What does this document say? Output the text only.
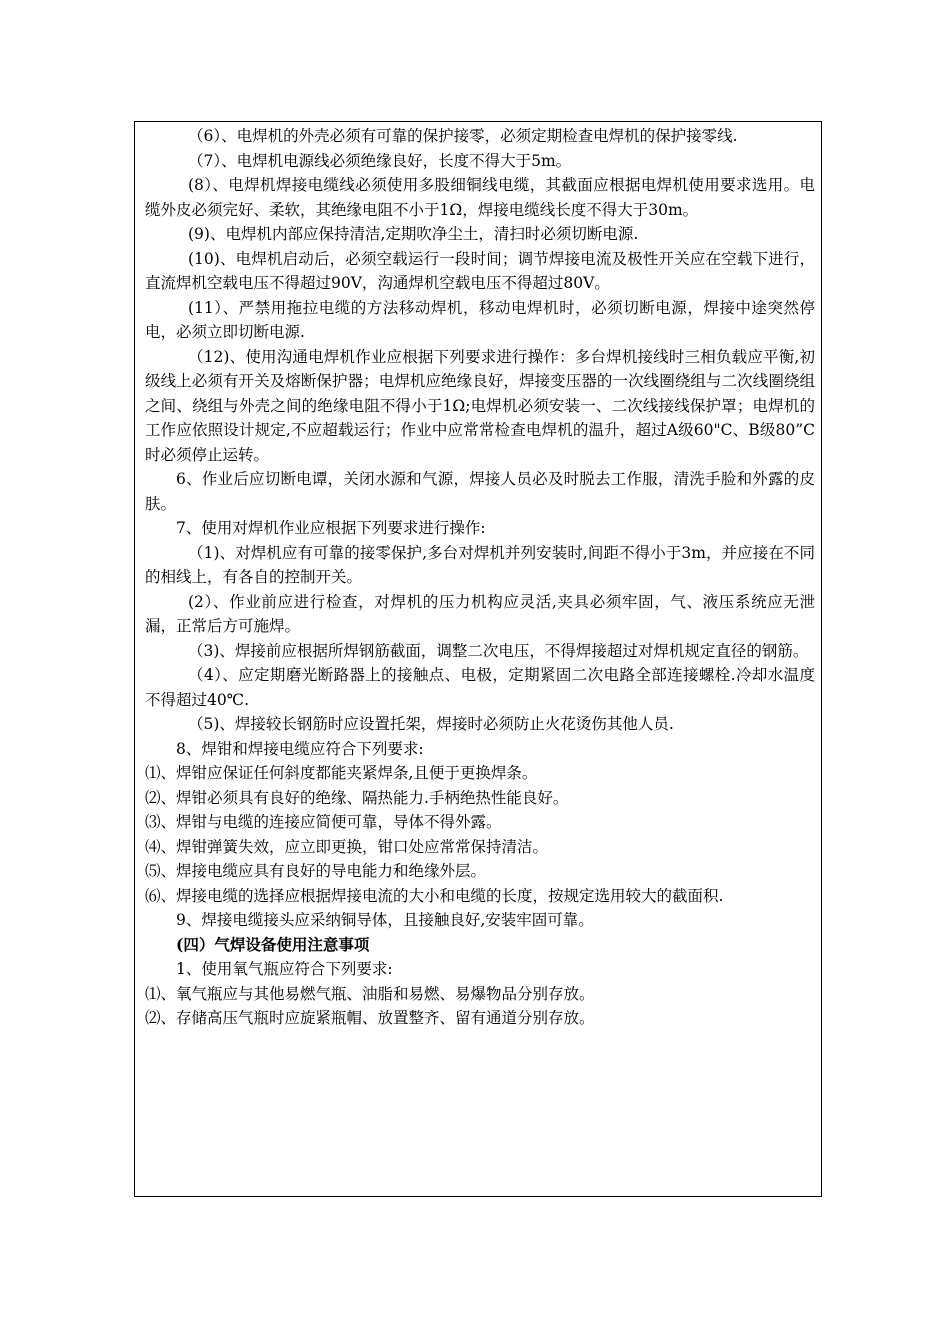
（6）、电焊机的外壳必须有可靠的保护接零，必须定期检查电焊机的保护接零线.

（7）、电焊机电源线必须绝缘良好，长度不得大于5m。

(8）、电焊机焊接电缆线必须使用多股细铜线电缆，其截面应根据电焊机使用要求选用。电缆外皮必须完好、柔软，其绝缘电阻不小于1Ω，焊接电缆线长度不得大于30m。

(9)、电焊机内部应保持清洁,定期吹净尘土，清扫时必须切断电源.

(10)、电焊机启动后，必须空载运行一段时间；调节焊接电流及极性开关应在空载下进行，直流焊机空载电压不得超过90V，沟通焊机空载电压不得超过80V。

(11）、严禁用拖拉电缆的方法移动焊机，移动电焊机时，必须切断电源，焊接中途突然停电，必须立即切断电源.

（12)、使用沟通电焊机作业应根据下列要求进行操作：多台焊机接线时三相负载应平衡,初级线上必须有开关及熔断保护器；电焊机应绝缘良好，焊接变压器的一次线圈绕组与二次线圈绕组之间、绕组与外壳之间的绝缘电阻不得小于1Ω;电焊机必须安装一、二次线接线保护罩；电焊机的工作应依照设计规定,不应超载运行；作业中应常常检查电焊机的温升，超过A级60"C、B级80”C时必须停止运转。

6、作业后应切断电谭，关闭水源和气源，焊接人员必及时脱去工作服，清洗手脸和外露的皮肤。

7、使用对焊机作业应根据下列要求进行操作:

（1)、对焊机应有可靠的接零保护,多台对焊机并列安装时,间距不得小于3m，并应接在不同的相线上，有各自的控制开关。

(2）、作业前应进行检查，对焊机的压力机构应灵活,夹具必须牢固，气、液压系统应无泄漏，正常后方可施焊。

（3)、焊接前应根据所焊钢筋截面，调整二次电压，不得焊接超过对焊机规定直径的钢筋。

（4）、应定期磨光断路器上的接触点、电极，定期紧固二次电路全部连接螺栓.冷却水温度不得超过40℃.

（5)、焊接较长钢筋时应设置托架，焊接时必须防止火花烫伤其他人员.

8、焊钳和焊接电缆应符合下列要求:

⑴、焊钳应保证任何斜度都能夹紧焊条,且便于更换焊条。

⑵、焊钳必须具有良好的绝缘、隔热能力.手柄绝热性能良好。

⑶、焊钳与电缆的连接应简便可靠，导体不得外露。

⑷、焊钳弹簧失效，应立即更换，钳口处应常常保持清洁。

⑸、焊接电缆应具有良好的导电能力和绝缘外层。

⑹、焊接电缆的选择应根据焊接电流的大小和电缆的长度，按规定选用较大的截面积.

9、焊接电缆接头应采纳铜导体，且接触良好,安装牢固可靠。

(四）气焊设备使用注意事项

1、使用氧气瓶应符合下列要求:

⑴、氧气瓶应与其他易燃气瓶、油脂和易燃、易爆物品分别存放。

⑵、存储高压气瓶时应旋紧瓶帽、放置整齐、留有通道分别存放。
